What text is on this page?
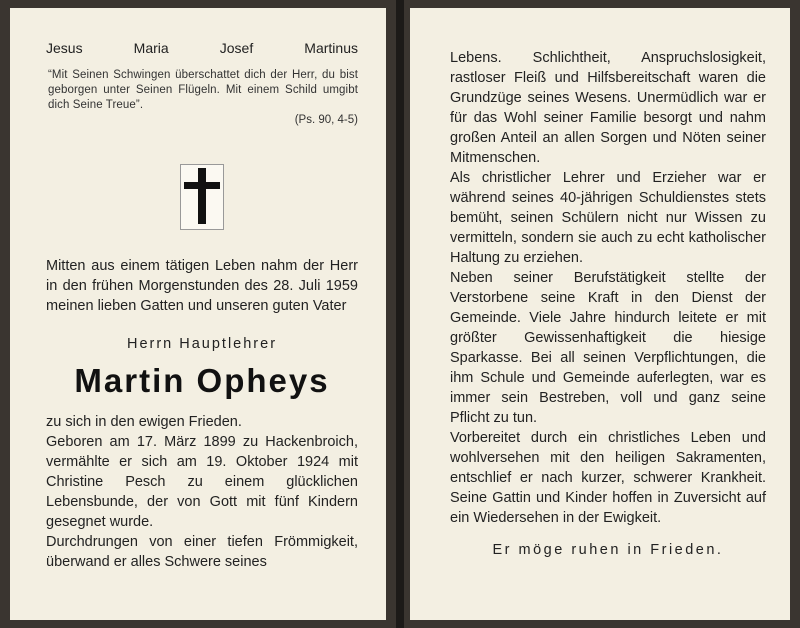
Jesus	Maria	Josef	Martinus

“Mit Seinen Schwingen überschattet dich der Herr, du bist geborgen unter Seinen Flügeln. Mit einem Schild umgibt dich Seine Treue”.

(Ps. 90, 4-5)

Mitten aus einem tätigen Leben nahm der Herr in den frühen Morgenstunden des 28. Juli 1959 meinen lieben Gatten und unseren guten Vater

Herrn Hauptlehrer
Martin Opheys

zu sich in den ewigen Frieden.

Geboren am 17. März 1899 zu Hackenbroich, vermählte er sich am 19. Oktober 1924 mit Christine Pesch zu einem glücklichen Lebensbunde, der von Gott mit fünf Kindern gesegnet wurde.

Durchdrungen von einer tiefen Frömmigkeit, überwand er alles Schwere seines

Lebens. Schlichtheit, Anspruchslosigkeit, rastloser Fleiß und Hilfsbereitschaft waren die Grundzüge seines Wesens. Unermüdlich war er für das Wohl seiner Familie besorgt und nahm großen Anteil an allen Sorgen und Nöten seiner Mitmenschen.

Als christlicher Lehrer und Erzieher war er während seines 40-jährigen Schuldienstes stets bemüht, seinen Schülern nicht nur Wissen zu vermitteln, sondern sie auch zu echt katholischer Haltung zu erziehen.

Neben seiner Berufstätigkeit stellte der Verstorbene seine Kraft in den Dienst der Gemeinde. Viele Jahre hindurch leitete er mit größter Gewissenhaftigkeit die hiesige Sparkasse. Bei all seinen Verpflichtungen, die ihm Schule und Gemeinde auferlegten, war es immer sein Bestreben, voll und ganz seine Pflicht zu tun.

Vorbereitet durch ein christliches Leben und wohlversehen mit den heiligen Sakramenten, entschlief er nach kurzer, schwerer Krankheit. Seine Gattin und Kinder hoffen in Zuversicht auf ein Wiedersehen in der Ewigkeit.

Er möge ruhen in Frieden.
